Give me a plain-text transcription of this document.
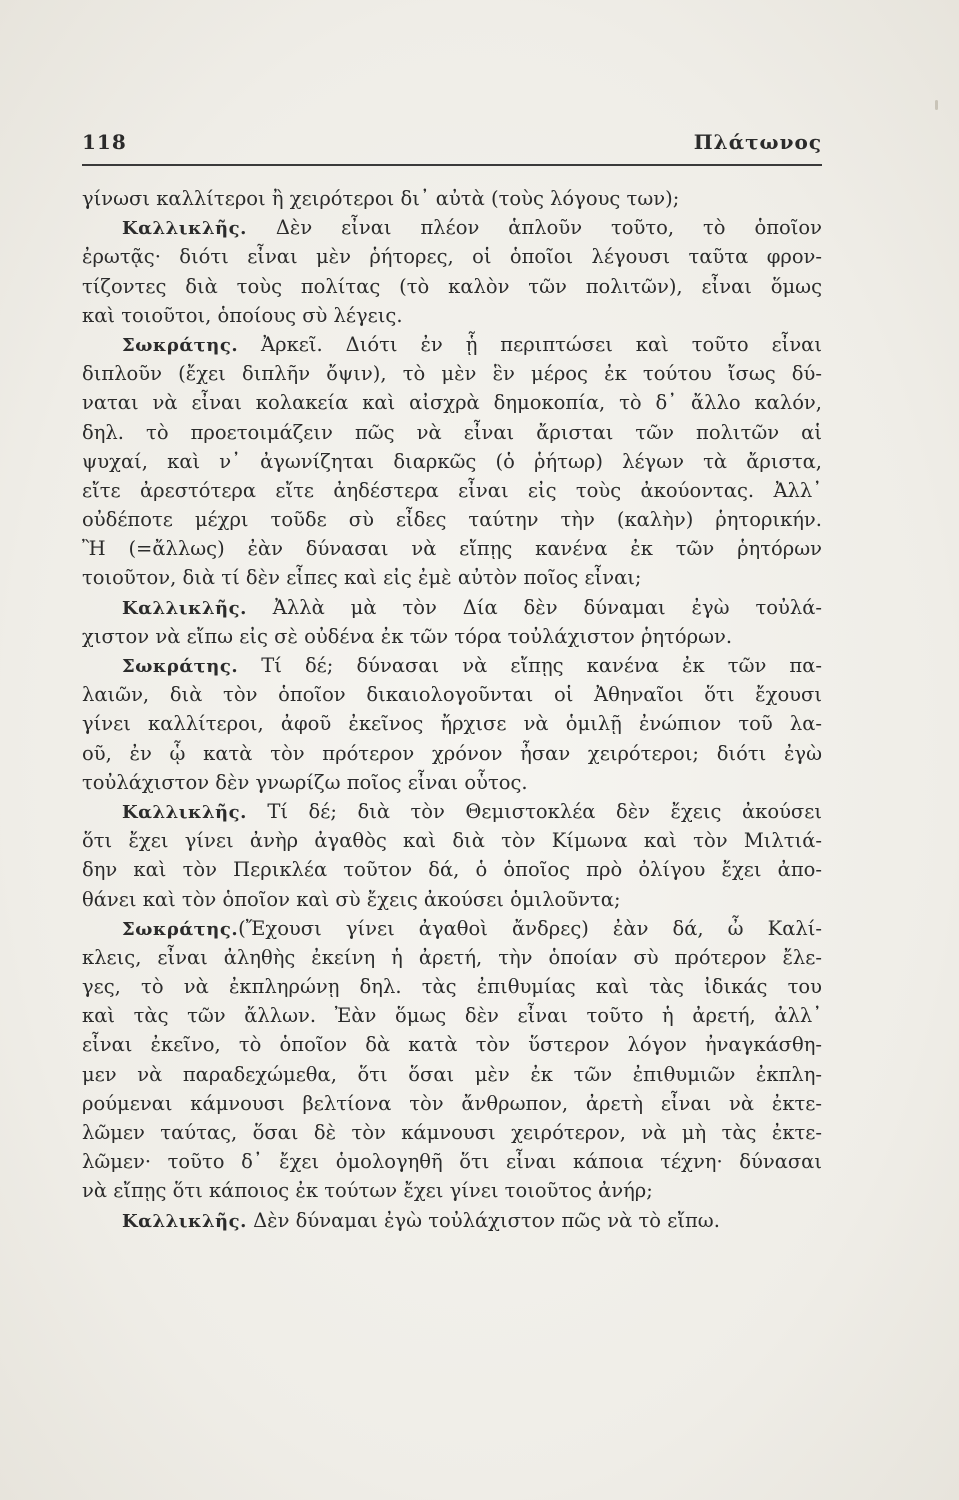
118	Πλάτωνος
γίνωσι καλλίτεροι ἢ χειρότεροι δι᾽ αὐτὰ (τοὺς λόγους των);
Καλλικλῆς. Δὲν εἶναι πλέον ἁπλοῦν τοῦτο, τὸ ὁποῖον
ἐρωτᾷς· διότι εἶναι μὲν ῥήτορες, οἱ ὁποῖοι λέγουσι ταῦτα φρον-
τίζοντες διὰ τοὺς πολίτας (τὸ καλὸν τῶν πολιτῶν), εἶναι ὅμως
καὶ τοιοῦτοι, ὁποίους σὺ λέγεις.
Σωκράτης. Ἀρκεῖ. Διότι ἐν ᾗ περιπτώσει καὶ τοῦτο εἶναι
διπλοῦν (ἔχει διπλῆν ὄψιν), τὸ μὲν ἓν μέρος ἐκ τούτου ἴσως δύ-
ναται νὰ εἶναι κολακεία καὶ αἰσχρὰ δημοκοπία, τὸ δ᾽ ἄλλο καλόν,
δηλ. τὸ προετοιμάζειν πῶς νὰ εἶναι ἄρισται τῶν πολιτῶν αἱ
ψυχαί, καὶ ν᾽ ἀγωνίζηται διαρκῶς (ὁ ῥήτωρ) λέγων τὰ ἄριστα,
εἴτε ἀρεστότερα εἴτε ἀηδέστερα εἶναι εἰς τοὺς ἀκούοντας. Ἀλλ᾽
οὐδέποτε μέχρι τοῦδε σὺ εἶδες ταύτην τὴν (καλὴν) ῥητορικήν.
Ἢ (=ἄλλως) ἐὰν δύνασαι νὰ εἴπῃς κανένα ἐκ τῶν ῥητόρων
τοιοῦτον, διὰ τί δὲν εἶπες καὶ εἰς ἐμὲ αὐτὸν ποῖος εἶναι;
Καλλικλῆς. Ἀλλὰ μὰ τὸν Δία δὲν δύναμαι ἐγὼ τοὐλά-
χιστον νὰ εἴπω εἰς σὲ οὐδένα ἐκ τῶν τόρα τοὐλάχιστον ῥητόρων.
Σωκράτης. Τί δέ; δύνασαι νὰ εἴπῃς κανένα ἐκ τῶν πα-
λαιῶν, διὰ τὸν ὁποῖον δικαιολογοῦνται οἱ Ἀθηναῖοι ὅτι ἔχουσι
γίνει καλλίτεροι, ἀφοῦ ἐκεῖνος ἤρχισε νὰ ὁμιλῇ ἐνώπιον τοῦ λα-
οῦ, ἐν ᾧ κατὰ τὸν πρότερον χρόνον ἦσαν χειρότεροι; διότι ἐγὼ
τοὐλάχιστον δὲν γνωρίζω ποῖος εἶναι οὗτος.
Καλλικλῆς. Τί δέ; διὰ τὸν Θεμιστοκλέα δὲν ἔχεις ἀκούσει
ὅτι ἔχει γίνει ἀνὴρ ἀγαθὸς καὶ διὰ τὸν Κίμωνα καὶ τὸν Μιλτιά-
δην καὶ τὸν Περικλέα τοῦτον δά, ὁ ὁποῖος πρὸ ὀλίγου ἔχει ἀπο-
θάνει καὶ τὸν ὁποῖον καὶ σὺ ἔχεις ἀκούσει ὁμιλοῦντα;
Σωκράτης.(Ἔχουσι γίνει ἀγαθοὶ ἄνδρες) ἐὰν δά, ὦ Καλί-
κλεις, εἶναι ἀληθὴς ἐκείνη ἡ ἀρετή, τὴν ὁποίαν σὺ πρότερον ἔλε-
γες, τὸ νὰ ἐκπληρώνῃ δηλ. τὰς ἐπιθυμίας καὶ τὰς ἰδικάς του
καὶ τὰς τῶν ἄλλων. Ἐὰν ὅμως δὲν εἶναι τοῦτο ἡ ἀρετή, ἀλλ᾽
εἶναι ἐκεῖνο, τὸ ὁποῖον δὰ κατὰ τὸν ὕστερον λόγον ἠναγκάσθη-
μεν νὰ παραδεχώμεθα, ὅτι ὅσαι μὲν ἐκ τῶν ἐπιθυμιῶν ἐκπλη-
ρούμεναι κάμνουσι βελτίονα τὸν ἄνθρωπον, ἀρετὴ εἶναι νὰ ἐκτε-
λῶμεν ταύτας, ὅσαι δὲ τὸν κάμνουσι χειρότερον, νὰ μὴ τὰς ἐκτε-
λῶμεν· τοῦτο δ᾽ ἔχει ὁμολογηθῆ ὅτι εἶναι κάποια τέχνη· δύνασαι
νὰ εἴπῃς ὅτι κάποιος ἐκ τούτων ἔχει γίνει τοιοῦτος ἀνήρ;
Καλλικλῆς. Δὲν δύναμαι ἐγὼ τοὐλάχιστον πῶς νὰ τὸ εἴπω.
